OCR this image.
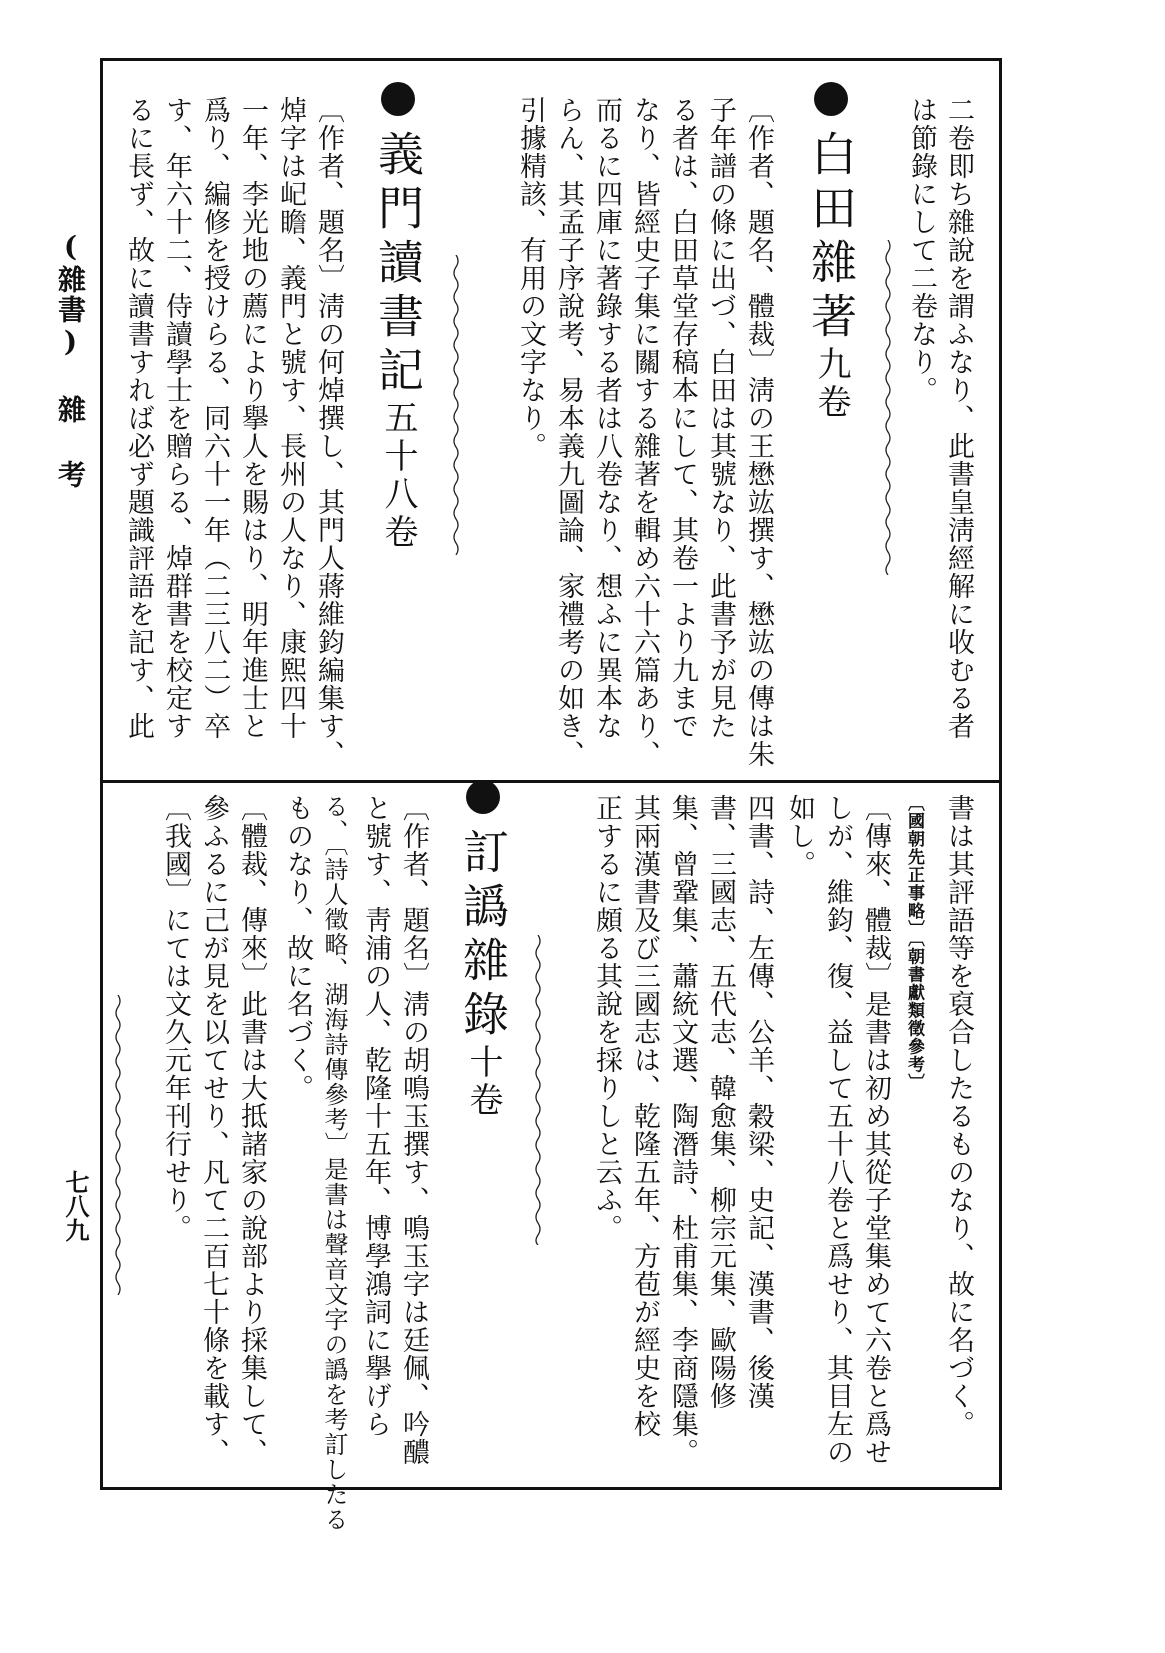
(雜書) 雜 考
七八九
二卷即ち雜說を謂ふなり、此書皇淸經解に收むる者
は節錄にして二卷なり。
白田雜著九卷
〔作者、題名、體裁〕淸の王懋竑撰す、懋竑の傳は朱
子年譜の條に出づ、白田は其號なり、此書予が見た
る者は、白田草堂存稿本にして、其卷一より九まで
なり、皆經史子集に關する雜著を輯め六十六篇あり、
而るに四庫に著錄する者は八卷なり、想ふに異本な
らん、其孟子序說考、易本義九圖論、家禮考の如き、
引據精該、有用の文字なり。
義門讀書記五十八卷
〔作者、題名〕淸の何焯撰し、其門人蔣維鈞編集す、
焯字は屺瞻、義門と號す、長州の人なり、康熙四十
一年、李光地の薦により擧人を賜はり、明年進士と
爲り、編修を授けらる、同六十一年（二三八二）卒
す、年六十二、侍讀學士を贈らる、焯群書を校定す
るに長ず、故に讀書すれば必ず題識評語を記す、此
書は其評語等を裒合したるものなり、故に名づく。
〔國朝先正事略〕〔朝書獻類徵參考〕
〔傳來、體裁〕是書は初め其從子堂集めて六卷と爲せ
しが、維鈞、復、益して五十八卷と爲せり、其目左の
如し。
四書、詩、左傳、公羊、穀梁、史記、漢書、後漢
書、三國志、五代志、韓愈集、柳宗元集、歐陽修
集、曾鞏集、蕭統文選、陶潛詩、杜甫集、李商隱集。
其兩漢書及び三國志は、乾隆五年、方苞が經史を校
正するに頗る其說を採りしと云ふ。
訂譌雜錄十卷
〔作者、題名〕淸の胡鳴玉撰す、鳴玉字は廷佩、吟醲
と號す、靑浦の人、乾隆十五年、博學鴻詞に擧げら
る、〔詩人徵略、湖海詩傳參考〕是書は聲音文字の譌を考訂したる
ものなり、故に名づく。
〔體裁、傳來〕此書は大抵諸家の說部より採集して、
參ふるに己が見を以てせり、凡て二百七十條を載す、
〔我國〕にては文久元年刊行せり。
